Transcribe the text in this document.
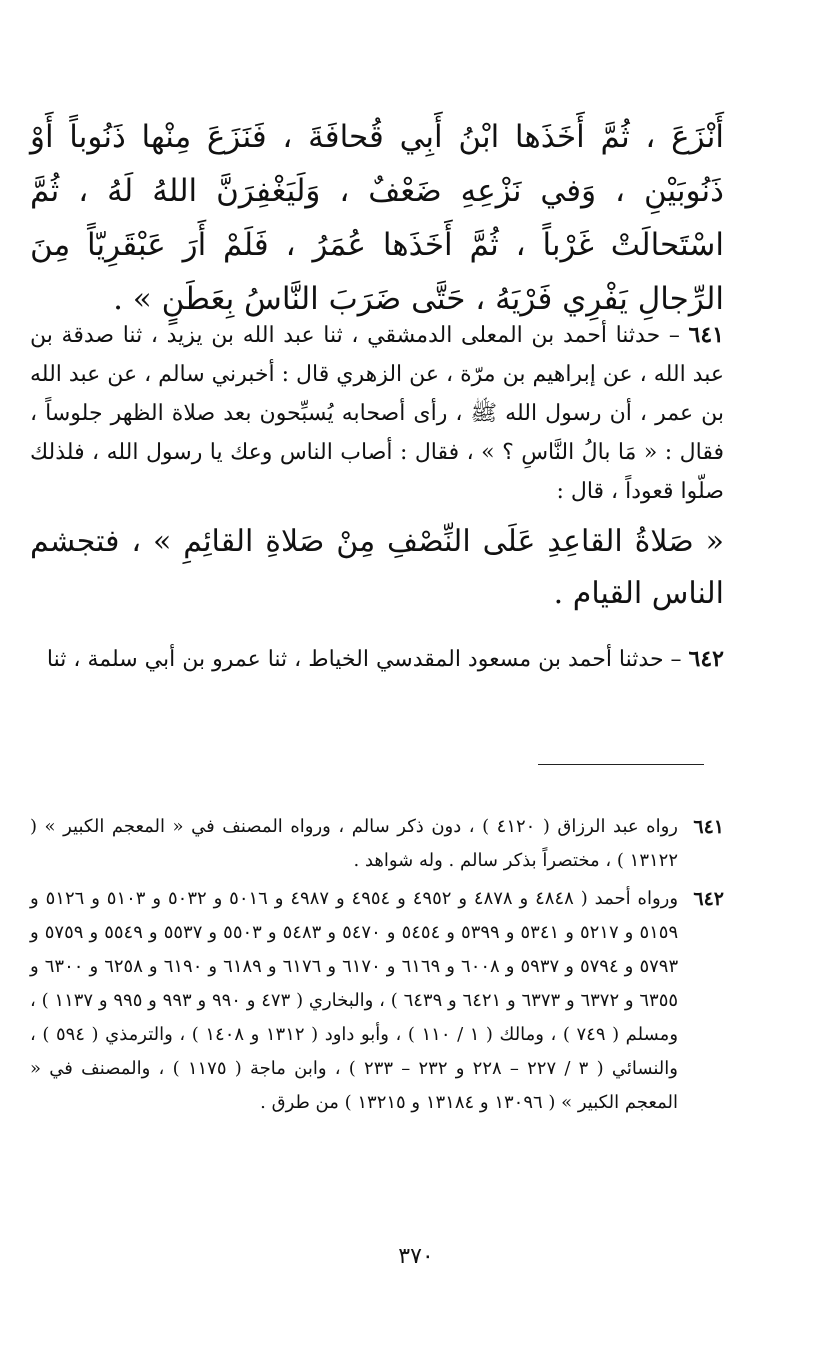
أَنْزَعَ ، ثُمَّ أَخَذَها ابْنُ أَبِي قُحافَةَ ، فَنَزَعَ مِنْها ذَنُوباً أَوْ ذَنُوبَيْنِ ، وَفي نَزْعِهِ ضَعْفٌ ، وَلَيَغْفِرَنَّ اللهُ لَهُ ، ثُمَّ اسْتَحالَتْ غَرْباً ، ثُمَّ أَخَذَها عُمَرُ ، فَلَمْ أَرَ عَبْقَرِيّاً مِنَ الرِّجالِ يَفْرِي فَرْيَهُ ، حَتَّى ضَرَبَ النَّاسُ بِعَطَنٍ » .
٦٤١ – حدثنا أحمد بن المعلى الدمشقي ، ثنا عبد الله بن يزيد ، ثنا صدقة بن عبد الله ، عن إبراهيم بن مرّة ، عن الزهري قال : أخبرني سالم ، عن عبد الله بن عمر ، أن رسول الله ﷺ ، رأى أصحابه يُسبِّحون بعد صلاة الظهر جلوساً ، فقال : « مَا بالُ النَّاسِ ؟ » ، فقال : أصاب الناس وعك يا رسول الله ، فلذلك صلّوا قعوداً ، قال :
« صَلاةُ القاعِدِ عَلَى النِّصْفِ مِنْ صَلاةِ القائِمِ » ، فتجشم الناس القيام .
٦٤٢ – حدثنا أحمد بن مسعود المقدسي الخياط ، ثنا عمرو بن أبي سلمة ، ثنا
٦٤١
رواه عبد الرزاق ( ٤١٢٠ ) ، دون ذكر سالم ، ورواه المصنف في « المعجم الكبير » ( ١٣١٢٢ ) ، مختصراً بذكر سالم . وله شواهد .
٦٤٢
ورواه أحمد ( ٤٨٤٨ و ٤٨٧٨ و ٤٩٥٢ و ٤٩٥٤ و ٤٩٨٧ و ٥٠١٦ و ٥٠٣٢ و ٥١٠٣ و ٥١٢٦ و ٥١٥٩ و ٥٢١٧ و ٥٣٤١ و ٥٣٩٩ و ٥٤٥٤ و ٥٤٧٠ و ٥٤٨٣ و ٥٥٠٣ و ٥٥٣٧ و ٥٥٤٩ و ٥٧٥٩ و ٥٧٩٣ و ٥٧٩٤ و ٥٩٣٧ و ٦٠٠٨ و ٦١٦٩ و ٦١٧٠ و ٦١٧٦ و ٦١٨٩ و ٦١٩٠ و ٦٢٥٨ و ٦٣٠٠ و ٦٣٥٥ و ٦٣٧٢ و ٦٣٧٣ و ٦٤٢١ و ٦٤٣٩ ) ، والبخاري ( ٤٧٣ و ٩٩٠ و ٩٩٣ و ٩٩٥ و ١١٣٧ ) ، ومسلم ( ٧٤٩ ) ، ومالك ( ١ / ١١٠ ) ، وأبو داود ( ١٣١٢ و ١٤٠٨ ) ، والترمذي ( ٥٩٤ ) ، والنسائي ( ٣ / ٢٢٧ – ٢٢٨ و ٢٣٢ – ٢٣٣ ) ، وابن ماجة ( ١١٧٥ ) ، والمصنف في « المعجم الكبير » ( ١٣٠٩٦ و ١٣١٨٤ و ١٣٢١٥ ) من طرق .
٣٧٠
